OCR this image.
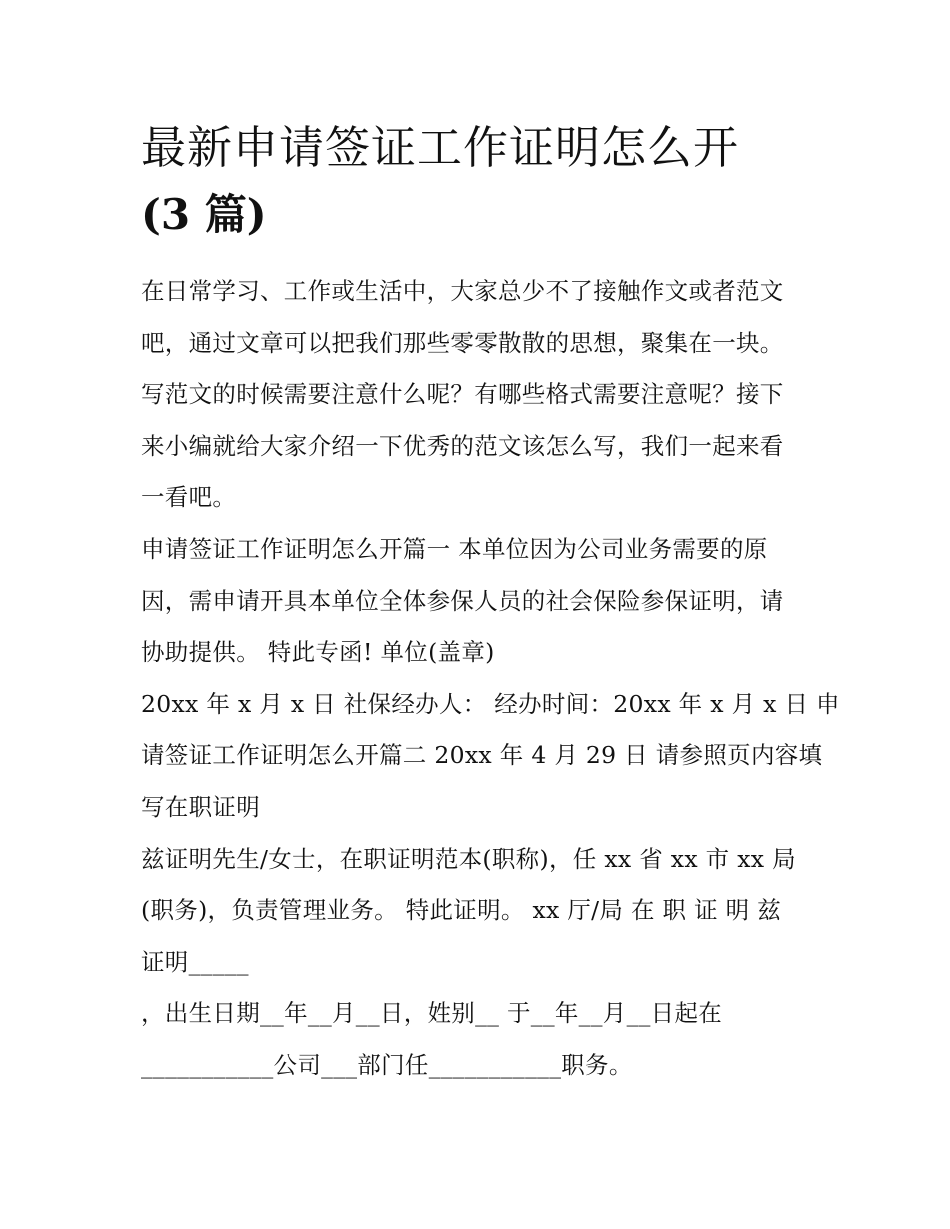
最新申请签证工作证明怎么开
(3 篇)
在日常学习、工作或生活中，大家总少不了接触作文或者范文
吧，通过文章可以把我们那些零零散散的思想，聚集在一块。
写范文的时候需要注意什么呢？有哪些格式需要注意呢？接下
来小编就给大家介绍一下优秀的范文该怎么写，我们一起来看
一看吧。
申请签证工作证明怎么开篇一 本单位因为公司业务需要的原
因，需申请开具本单位全体参保人员的社会保险参保证明，请
协助提供。 特此专函! 单位(盖章)
20xx 年 x 月 x 日 社保经办人： 经办时间：20xx 年 x 月 x 日 申
请签证工作证明怎么开篇二 20xx 年 4 月 29 日 请参照页内容填
写在职证明
兹证明先生/女士，在职证明范本(职称)，任 xx 省 xx 市 xx 局
(职务)，负责管理业务。 特此证明。 xx 厅/局 在 职 证 明 兹
证明_____
，出生日期__年__月__日，姓别__ 于__年__月__日起在
___________公司___部门任___________职务。
